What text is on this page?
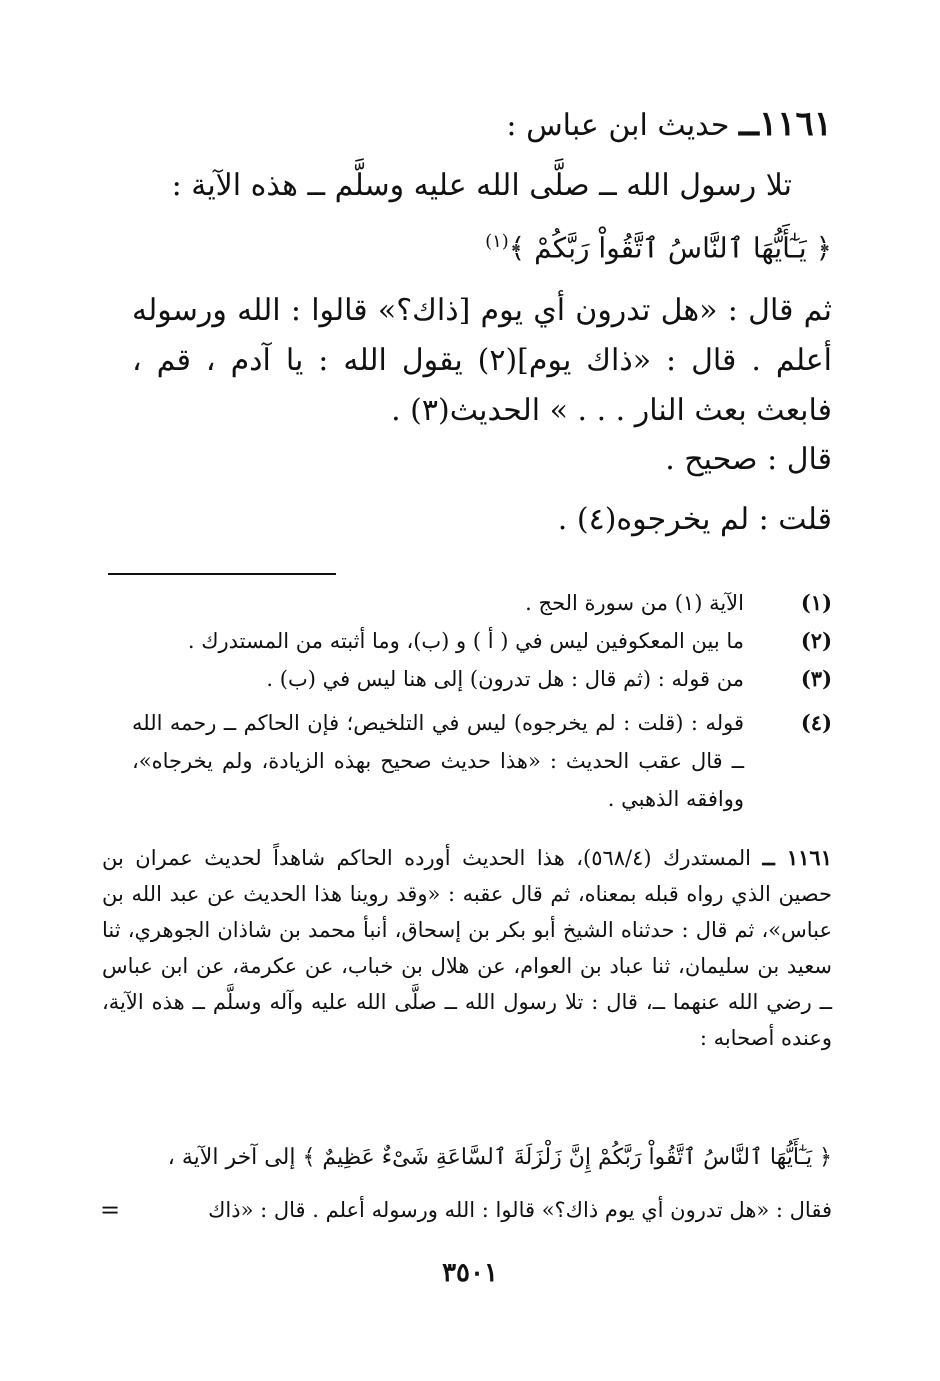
١١٦١ــ حديث ابن عباس :
تلا رسول الله ــ صلَّى الله عليه وسلَّم ــ هذه الآية :
﴿ يَـٰٓأَيُّهَا ٱلنَّاسُ ٱتَّقُواْ رَبَّكُمْ ﴾$^{(١)}$
ثم قال : «هل تدرون أي يوم [ذاك؟» قالوا : الله ورسوله أعلم . قال : «ذاك يوم](٢) يقول الله : يا آدم ، قم ، فابعث بعث النار . . . » الحديث(٣) .
قال : صحيح .
قلت : لم يخرجوه(٤) .
(١)
الآية (١) من سورة الحج .
(٢)
ما بين المعكوفين ليس في ( أ ) و (ب)، وما أثبته من المستدرك .
(٣)
من قوله : (ثم قال : هل تدرون) إلى هنا ليس في (ب) .
(٤)
قوله : (قلت : لم يخرجوه) ليس في التلخيص؛ فإن الحاكم ــ رحمه الله ــ قال عقب الحديث : «هذا حديث صحيح بهذه الزيادة، ولم يخرجاه»، ووافقه الذهبي .
١١٦١ ــ المستدرك (٥٦٨/٤)، هذا الحديث أورده الحاكم شاهداً لحديث عمران بن حصين الذي رواه قبله بمعناه، ثم قال عقبه : «وقد روينا هذا الحديث عن عبد الله بن عباس»، ثم قال : حدثناه الشيخ أبو بكر بن إسحاق، أنبأ محمد بن شاذان الجوهري، ثنا سعيد بن سليمان، ثنا عباد بن العوام، عن هلال بن خباب، عن عكرمة، عن ابن عباس ــ رضي الله عنهما ــ، قال : تلا رسول الله ــ صلَّى الله عليه وآله وسلَّم ــ هذه الآية، وعنده أصحابه :
﴿ يَـٰٓأَيُّهَا ٱلنَّاسُ ٱتَّقُواْ رَبَّكُمْ إِنَّ زَلْزَلَةَ ٱلسَّاعَةِ شَىْءٌ عَظِيمٌ ﴾ إلى آخر الآية ،
فقال : «هل تدرون أي يوم ذاك؟» قالوا : الله ورسوله أعلم . قال : «ذاك
=
٣٥٠١
